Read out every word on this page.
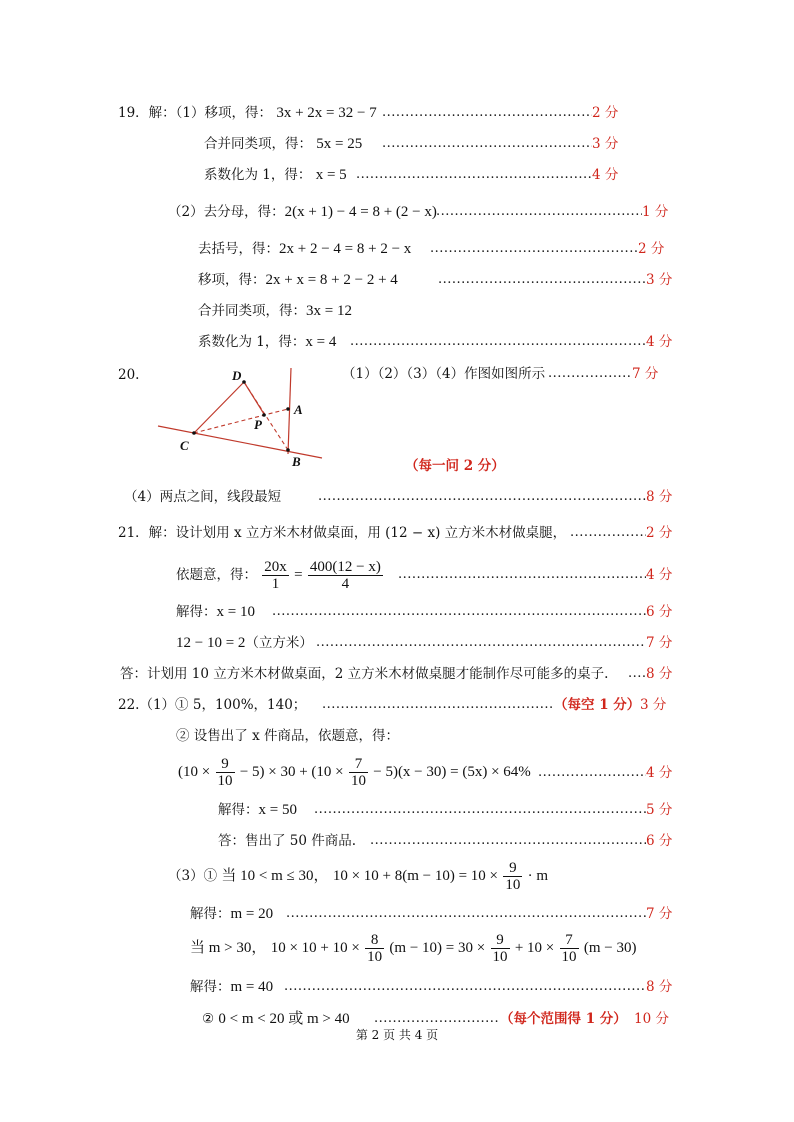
19．解：（1）移项，得： 3x + 2x = 32 − 7 .....	2 分
合并同类项，得： 5x = 25 .....	3 分
系数化为 1，得： x = 5 .....	4 分
（2）去分母，得：2(x + 1) − 4 = 8 + (2 − x) .....	1 分
去括号，得：2x + 2 − 4 = 8 + 2 − x .....	2 分
移项，得：2x + x = 8 + 2 − 2 + 4 .....	3 分
合并同类项，得：3x = 12
系数化为 1，得：x = 4 .....	4 分
20.	D
A
P
C
B
（1）（2）（3）（4）作图如图所示 .....	7 分
（每一问 2 分）
（4）两点之间，线段最短 .....	8 分
21．解：设计划用 x 立方米木材做桌面，用 (12 − x) 立方米木材做桌腿， .....	2 分
依题意，得： $\frac{20x}{1} = \frac{400(12 - x)}{4}$ .....	4 分
解得：x = 10 .....	6 分
12 − 10 = 2（立方米） .....	7 分
答：计划用 10 立方米木材做桌面，2 立方米木材做桌腿才能制作尽可能多的桌子. .....	8 分
22.（1）① 5，100%，140； .....	（每空 1 分） 3 分
② 设售出了 x 件商品，依题意，得：
$(10 \times \frac{9}{10} - 5) \times 30 + (10 \times \frac{7}{10} - 5)(x - 30) = (5x) \times 64\%$ .....	4 分
解得：x = 50 .....	5 分
答：售出了 50 件商品. .....	6 分
（3）① 当 10 < m ≤ 30， $10 \times 10 + 8(m - 10) = 10 \times \frac{9}{10} \cdot m$
解得：m = 20 .....	7 分
当 m > 30， $10 \times 10 + 10 \times \frac{8}{10} (m - 10) = 30 \times \frac{9}{10} + 10 \times \frac{7}{10} (m - 30)$
解得：m = 40 .....	8 分
② 0 < m < 20 或 m > 40 .....	（每个范围得 1 分） 10 分
第 2 页 共 4 页
